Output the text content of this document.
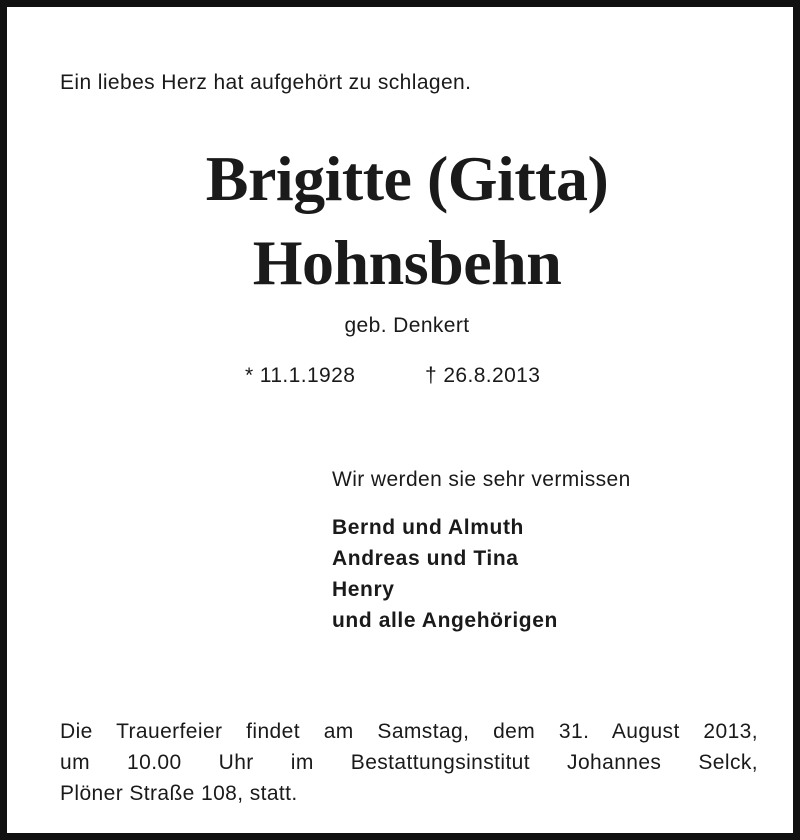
Ein liebes Herz hat aufgehört zu schlagen.

Brigitte (Gitta)
Hohnsbehn

geb. Denkert

* 11.1.1928	† 26.8.2013

Wir werden sie sehr vermissen

Bernd und Almuth
Andreas und Tina
Henry
und alle Angehörigen

Die Trauerfeier findet am Samstag, dem 31. August 2013,
um 10.00 Uhr im Bestattungsinstitut Johannes Selck,
Plöner Straße 108, statt.
